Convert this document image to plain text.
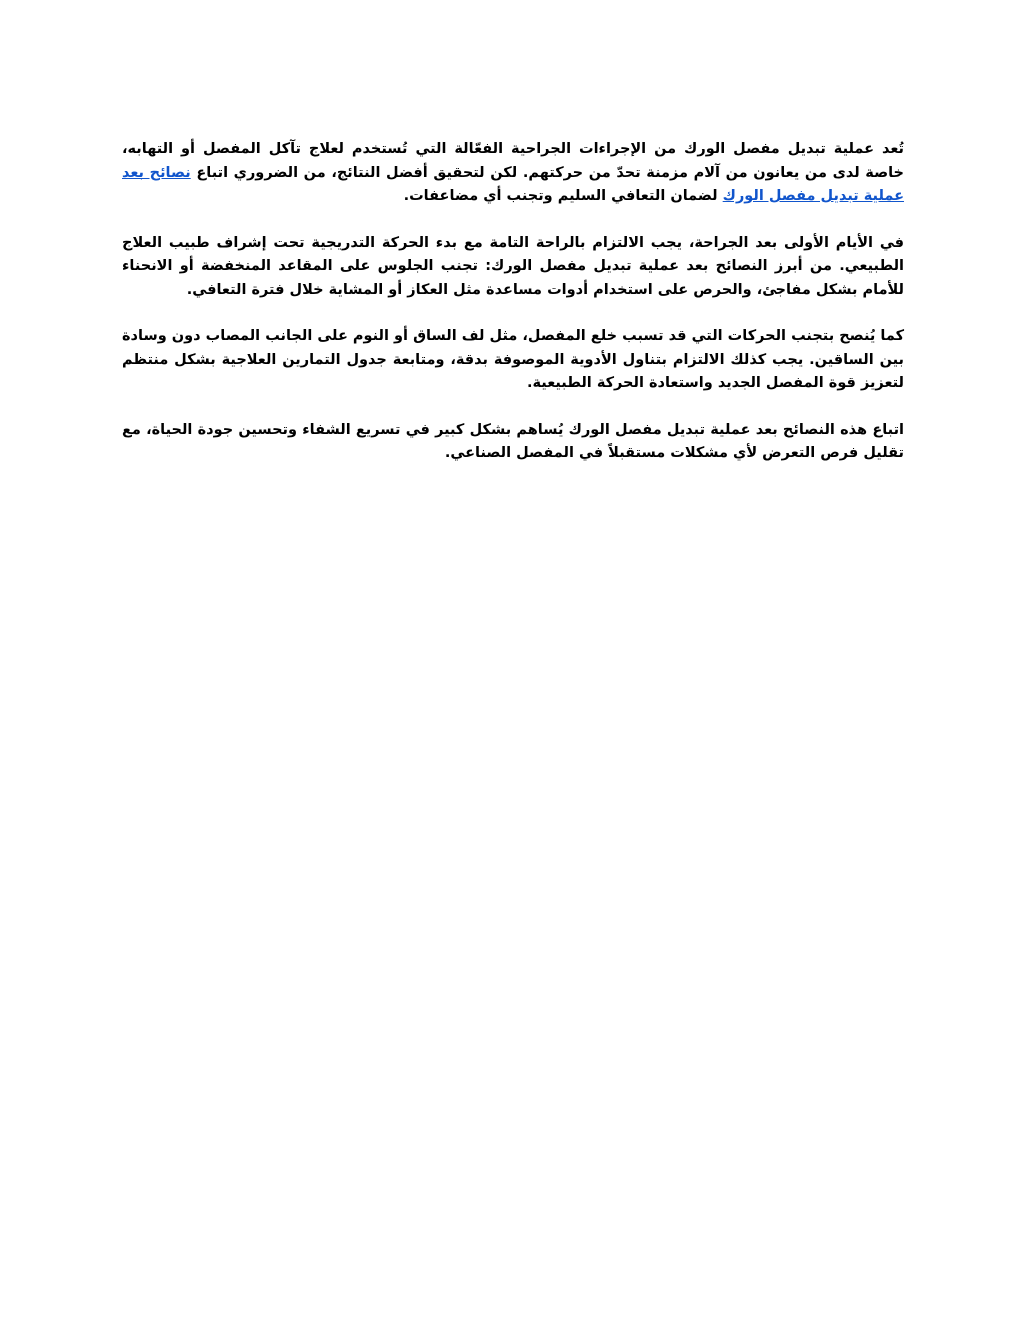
تُعد عملية تبديل مفصل الورك من الإجراءات الجراحية الفعّالة التي تُستخدم لعلاج تآكل المفصل أو التهابه، خاصة لدى من يعانون من آلام مزمنة تحدّ من حركتهم. لكن لتحقيق أفضل النتائج، من الضروري اتباع نصائح بعد عملية تبديل مفصل الورك لضمان التعافي السليم وتجنب أي مضاعفات.

في الأيام الأولى بعد الجراحة، يجب الالتزام بالراحة التامة مع بدء الحركة التدريجية تحت إشراف طبيب العلاج الطبيعي. من أبرز النصائح بعد عملية تبديل مفصل الورك: تجنب الجلوس على المقاعد المنخفضة أو الانحناء للأمام بشكل مفاجئ، والحرص على استخدام أدوات مساعدة مثل العكاز أو المشاية خلال فترة التعافي.

كما يُنصح بتجنب الحركات التي قد تسبب خلع المفصل، مثل لف الساق أو النوم على الجانب المصاب دون وسادة بين الساقين. يجب كذلك الالتزام بتناول الأدوية الموصوفة بدقة، ومتابعة جدول التمارين العلاجية بشكل منتظم لتعزيز قوة المفصل الجديد واستعادة الحركة الطبيعية.

اتباع هذه النصائح بعد عملية تبديل مفصل الورك يُساهم بشكل كبير في تسريع الشفاء وتحسين جودة الحياة، مع تقليل فرص التعرض لأي مشكلات مستقبلاً في المفصل الصناعي.
